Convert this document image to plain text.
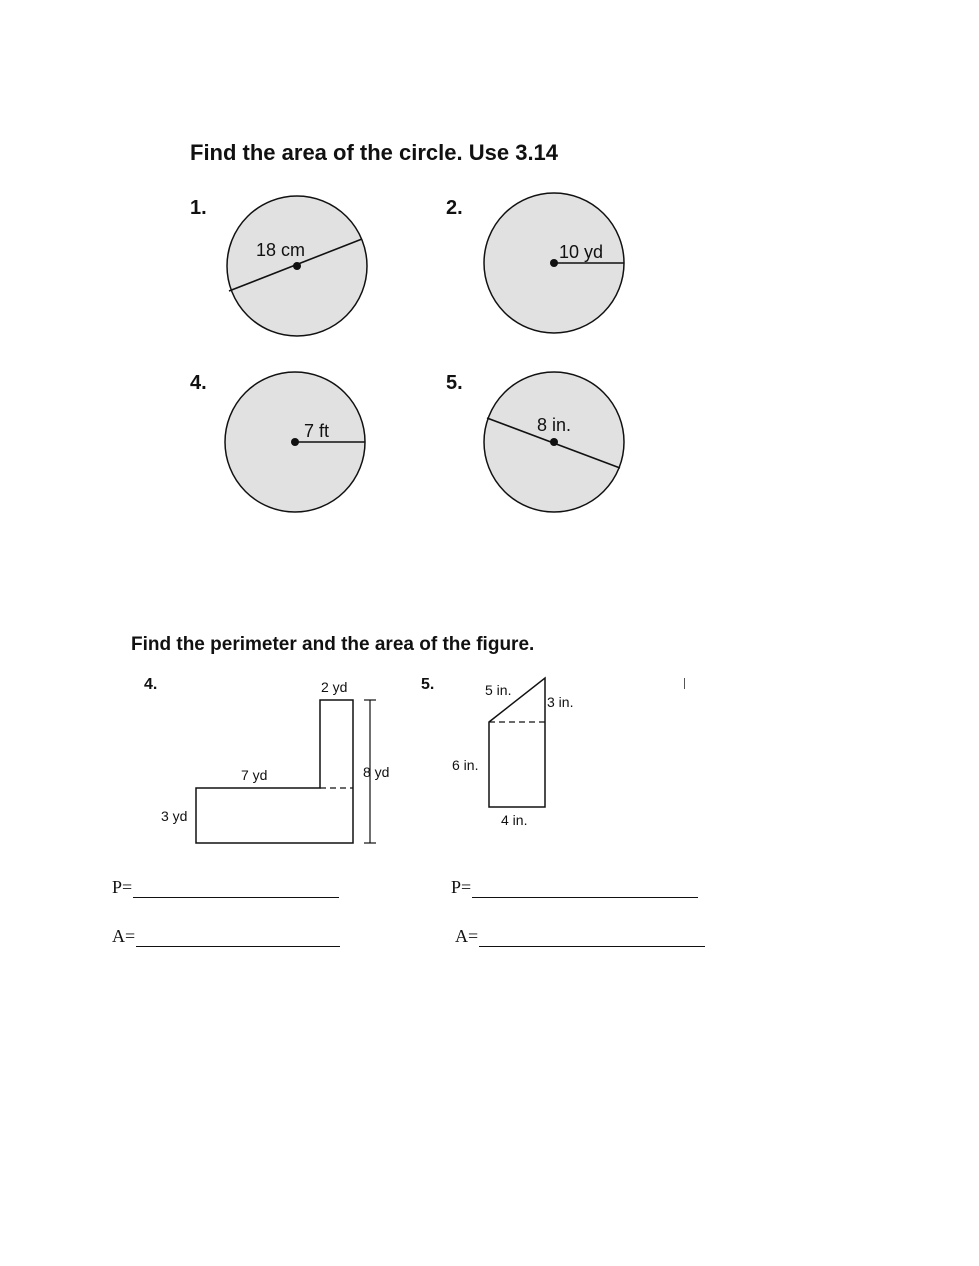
Find the area of the circle. Use 3.14
1.	2.
4.	5.
18 cm	10 yd
7 ft	8 in.
Find the perimeter and the area of the figure.
4.	5.
2 yd
7 yd	8 yd
3 yd
5 in.
3 in.
6 in.
4 in.
P=
A=
P=
A=
